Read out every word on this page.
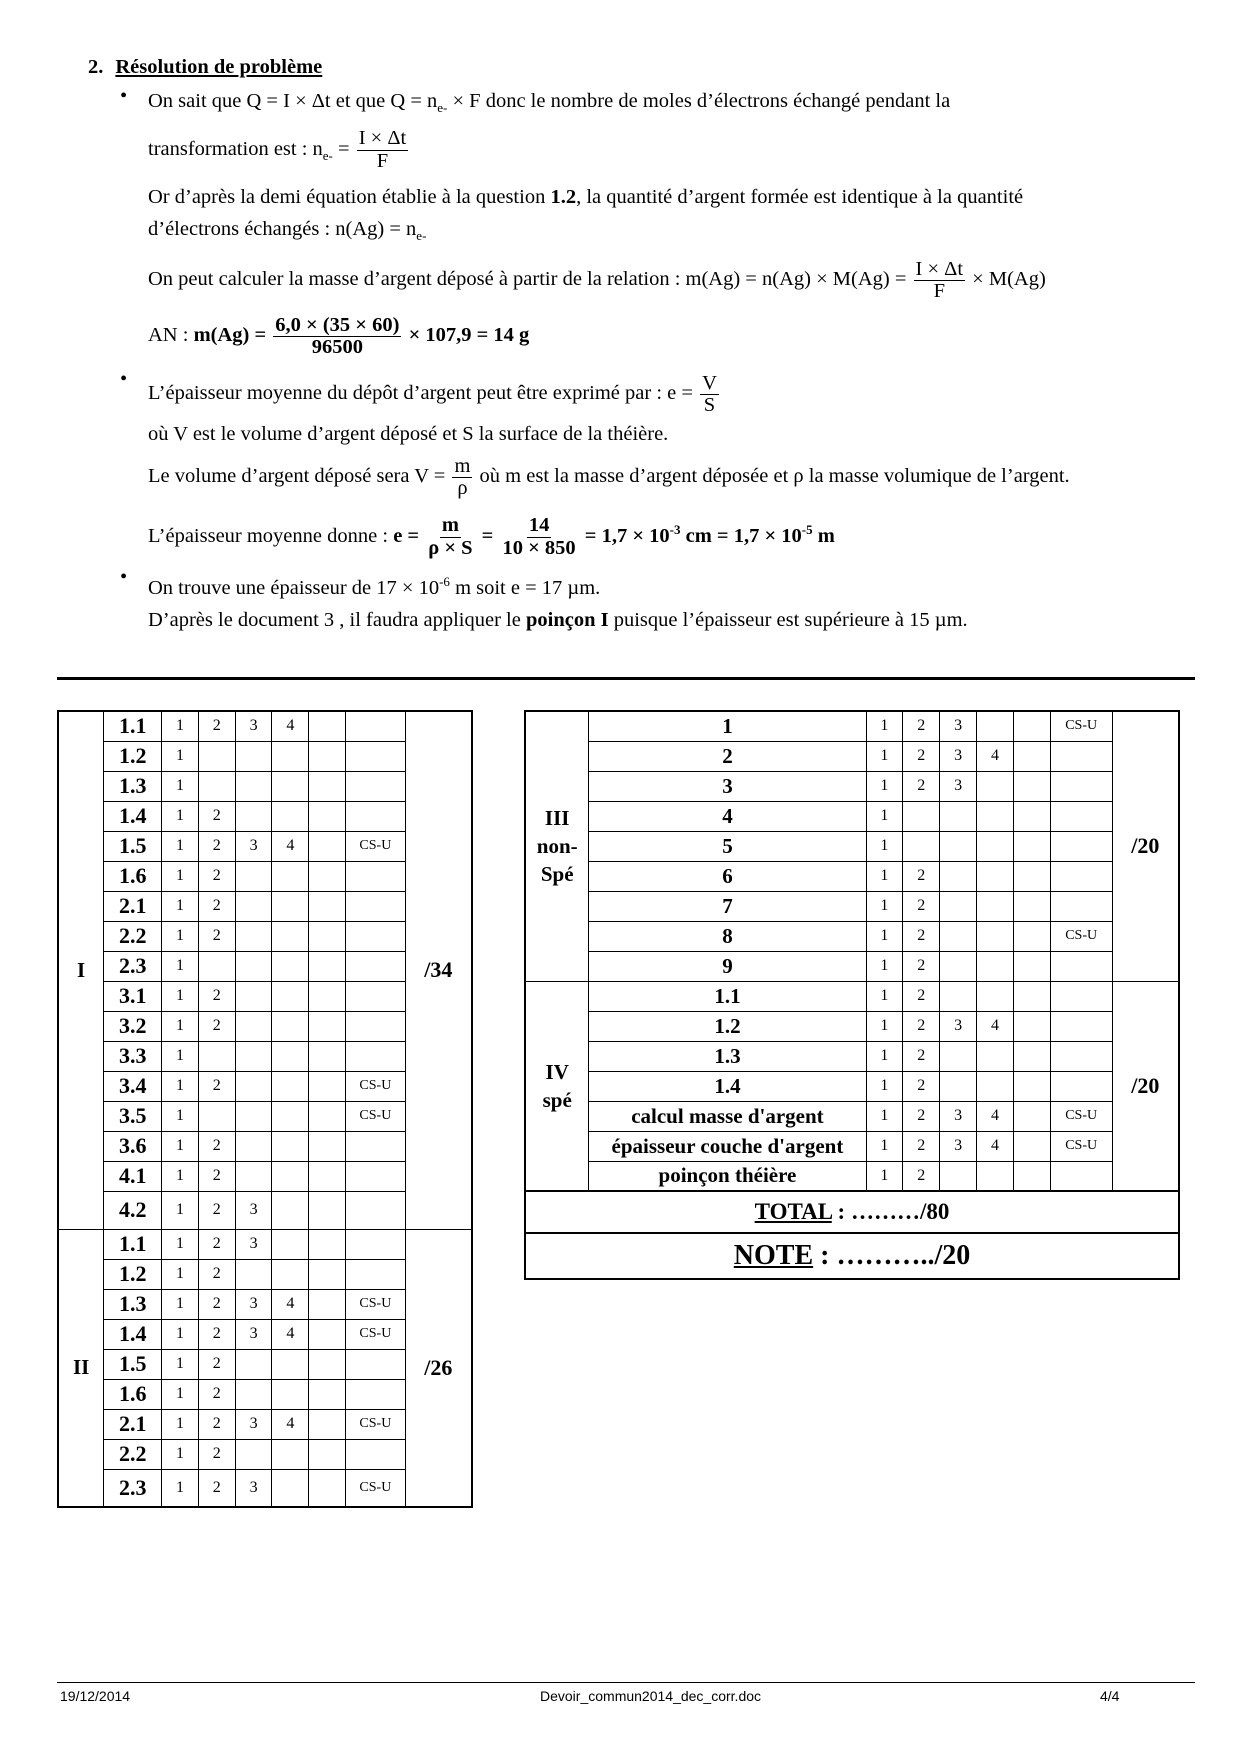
2. Résolution de problème
• On sait que Q = I × Δt et que $Q = n_{e-} \times F$ donc le nombre de moles d’électrons échangé pendant la
transformation est : $n_{e-} = \frac{I \times \Delta t}{F}$
Or d’après la demi équation établie à la question 1.2, la quantité d’argent formée est identique à la quantité
d’électrons échangés : $n(Ag) = n_{e-}$
On peut calculer la masse d’argent déposé à partir de la relation : $m(Ag) = n(Ag) \times M(Ag) = \frac{I \times \Delta t}{F} \times M(Ag)$
AN : $m(Ag) = \frac{6,0 \times (35 \times 60)}{96500} \times 107,9 = 14$ g
• L’épaisseur moyenne du dépôt d’argent peut être exprimé par : $e = \frac{V}{S}$
où V est le volume d’argent déposé et S la surface de la théière.
Le volume d’argent déposé sera $V = \frac{m}{\rho}$ où m est la masse d’argent déposée et ρ la masse volumique de l’argent.
L’épaisseur moyenne donne : $e = \frac{m}{\rho \times S} = \frac{14}{10 \times 850} = 1,7 \times 10^{-3}$ cm = $1,7 \times 10^{-5}$ m
• On trouve une épaisseur de $17 \times 10^{-6}$ m soit e = 17 µm.
D’après le document 3 , il faudra appliquer le poinçon I puisque l’épaisseur est supérieure à 15 µm.
I	1.1	1	2	3	4			/34
	1.2	1						
	1.3	1						
	1.4	1	2					
	1.5	1	2	3	4		CS-U	
	1.6	1	2					
	2.1	1	2					
	2.2	1	2					
	2.3	1						
	3.1	1	2					
	3.2	1	2					
	3.3	1						
	3.4	1	2				CS-U	
	3.5	1					CS-U	
	3.6	1	2					
	4.1	1	2					
	4.2	1	2	3				
II	1.1	1	2	3				/26
	1.2	1	2					
	1.3	1	2	3	4		CS-U	
	1.4	1	2	3	4		CS-U	
	1.5	1	2					
	1.6	1	2					
	2.1	1	2	3	4		CS-U	
	2.2	1	2					
	2.3	1	2	3			CS-U	
III
non-
Spé	1	1	2	3			CS-U	/20
	2	1	2	3	4			
	3	1	2	3				
	4	1						
	5	1						
	6	1	2					
	7	1	2					
	8	1	2				CS-U	
	9	1	2					

IV
spé	1.1	1	2					/20
	1.2	1	2	3	4			
	1.3	1	2					
	1.4	1	2					
	calcul masse d'argent	1	2	3	4		CS-U	
	épaisseur couche d'argent	1	2	3	4		CS-U	
	poinçon théière	1	2					
TOTAL : ………/80								
NOTE : ………../20								
19/12/2014	Devoir_commun2014_dec_corr.doc	4/4
